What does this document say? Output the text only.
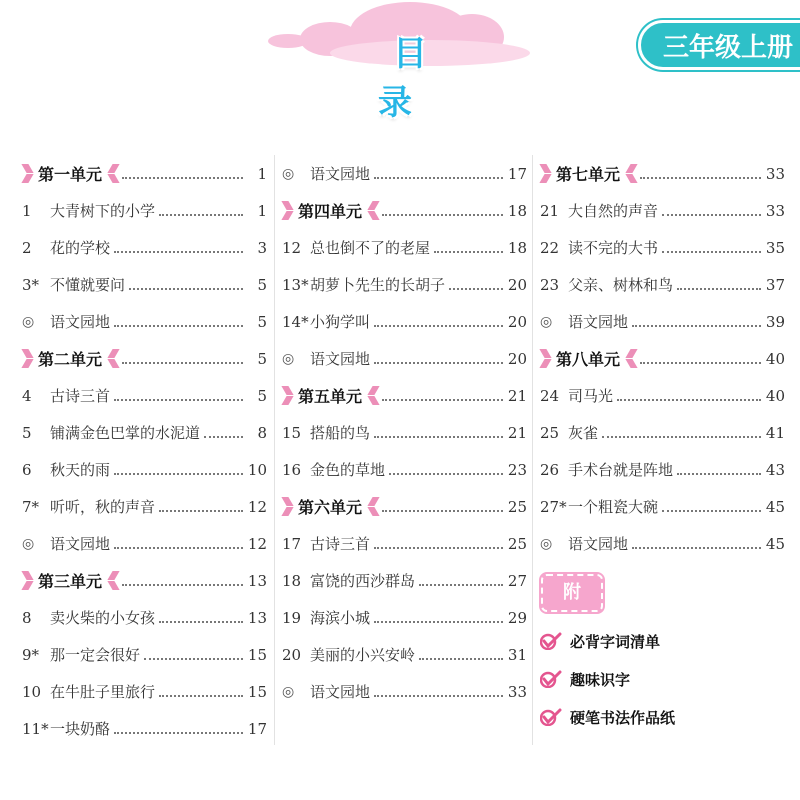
目 录
三年级上册
第一单元	1
1	大青树下的小学	1
2	花的学校	3
3* 不懂就要问	5
◎	语文园地	5
第二单元	5
4	古诗三首	5
5	铺满金色巴掌的水泥道	8
6	秋天的雨	10
7* 听听，秋的声音	12
◎	语文园地	12
第三单元	13
8	卖火柴的小女孩	13
9* 那一定会很好	15
10 在牛肚子里旅行	15
11* 一块奶酪	17
◎	语文园地	17
第四单元	18
12 总也倒不了的老屋	18
13* 胡萝卜先生的长胡子	20
14* 小狗学叫	20
◎	语文园地	20
第五单元	21
15 搭船的鸟	21
16 金色的草地	23
第六单元	25
17 古诗三首	25
18 富饶的西沙群岛	27
19 海滨小城	29
20 美丽的小兴安岭	31
◎	语文园地	33
第七单元	33
21 大自然的声音	33
22 读不完的大书	35
23 父亲、树林和鸟	37
◎	语文园地	39
第八单元	40
24 司马光	40
25 灰雀	41
26 手术台就是阵地	43
27* 一个粗瓷大碗	45
◎	语文园地	45
附
必背字词清单
趣味识字
硬笔书法作品纸
